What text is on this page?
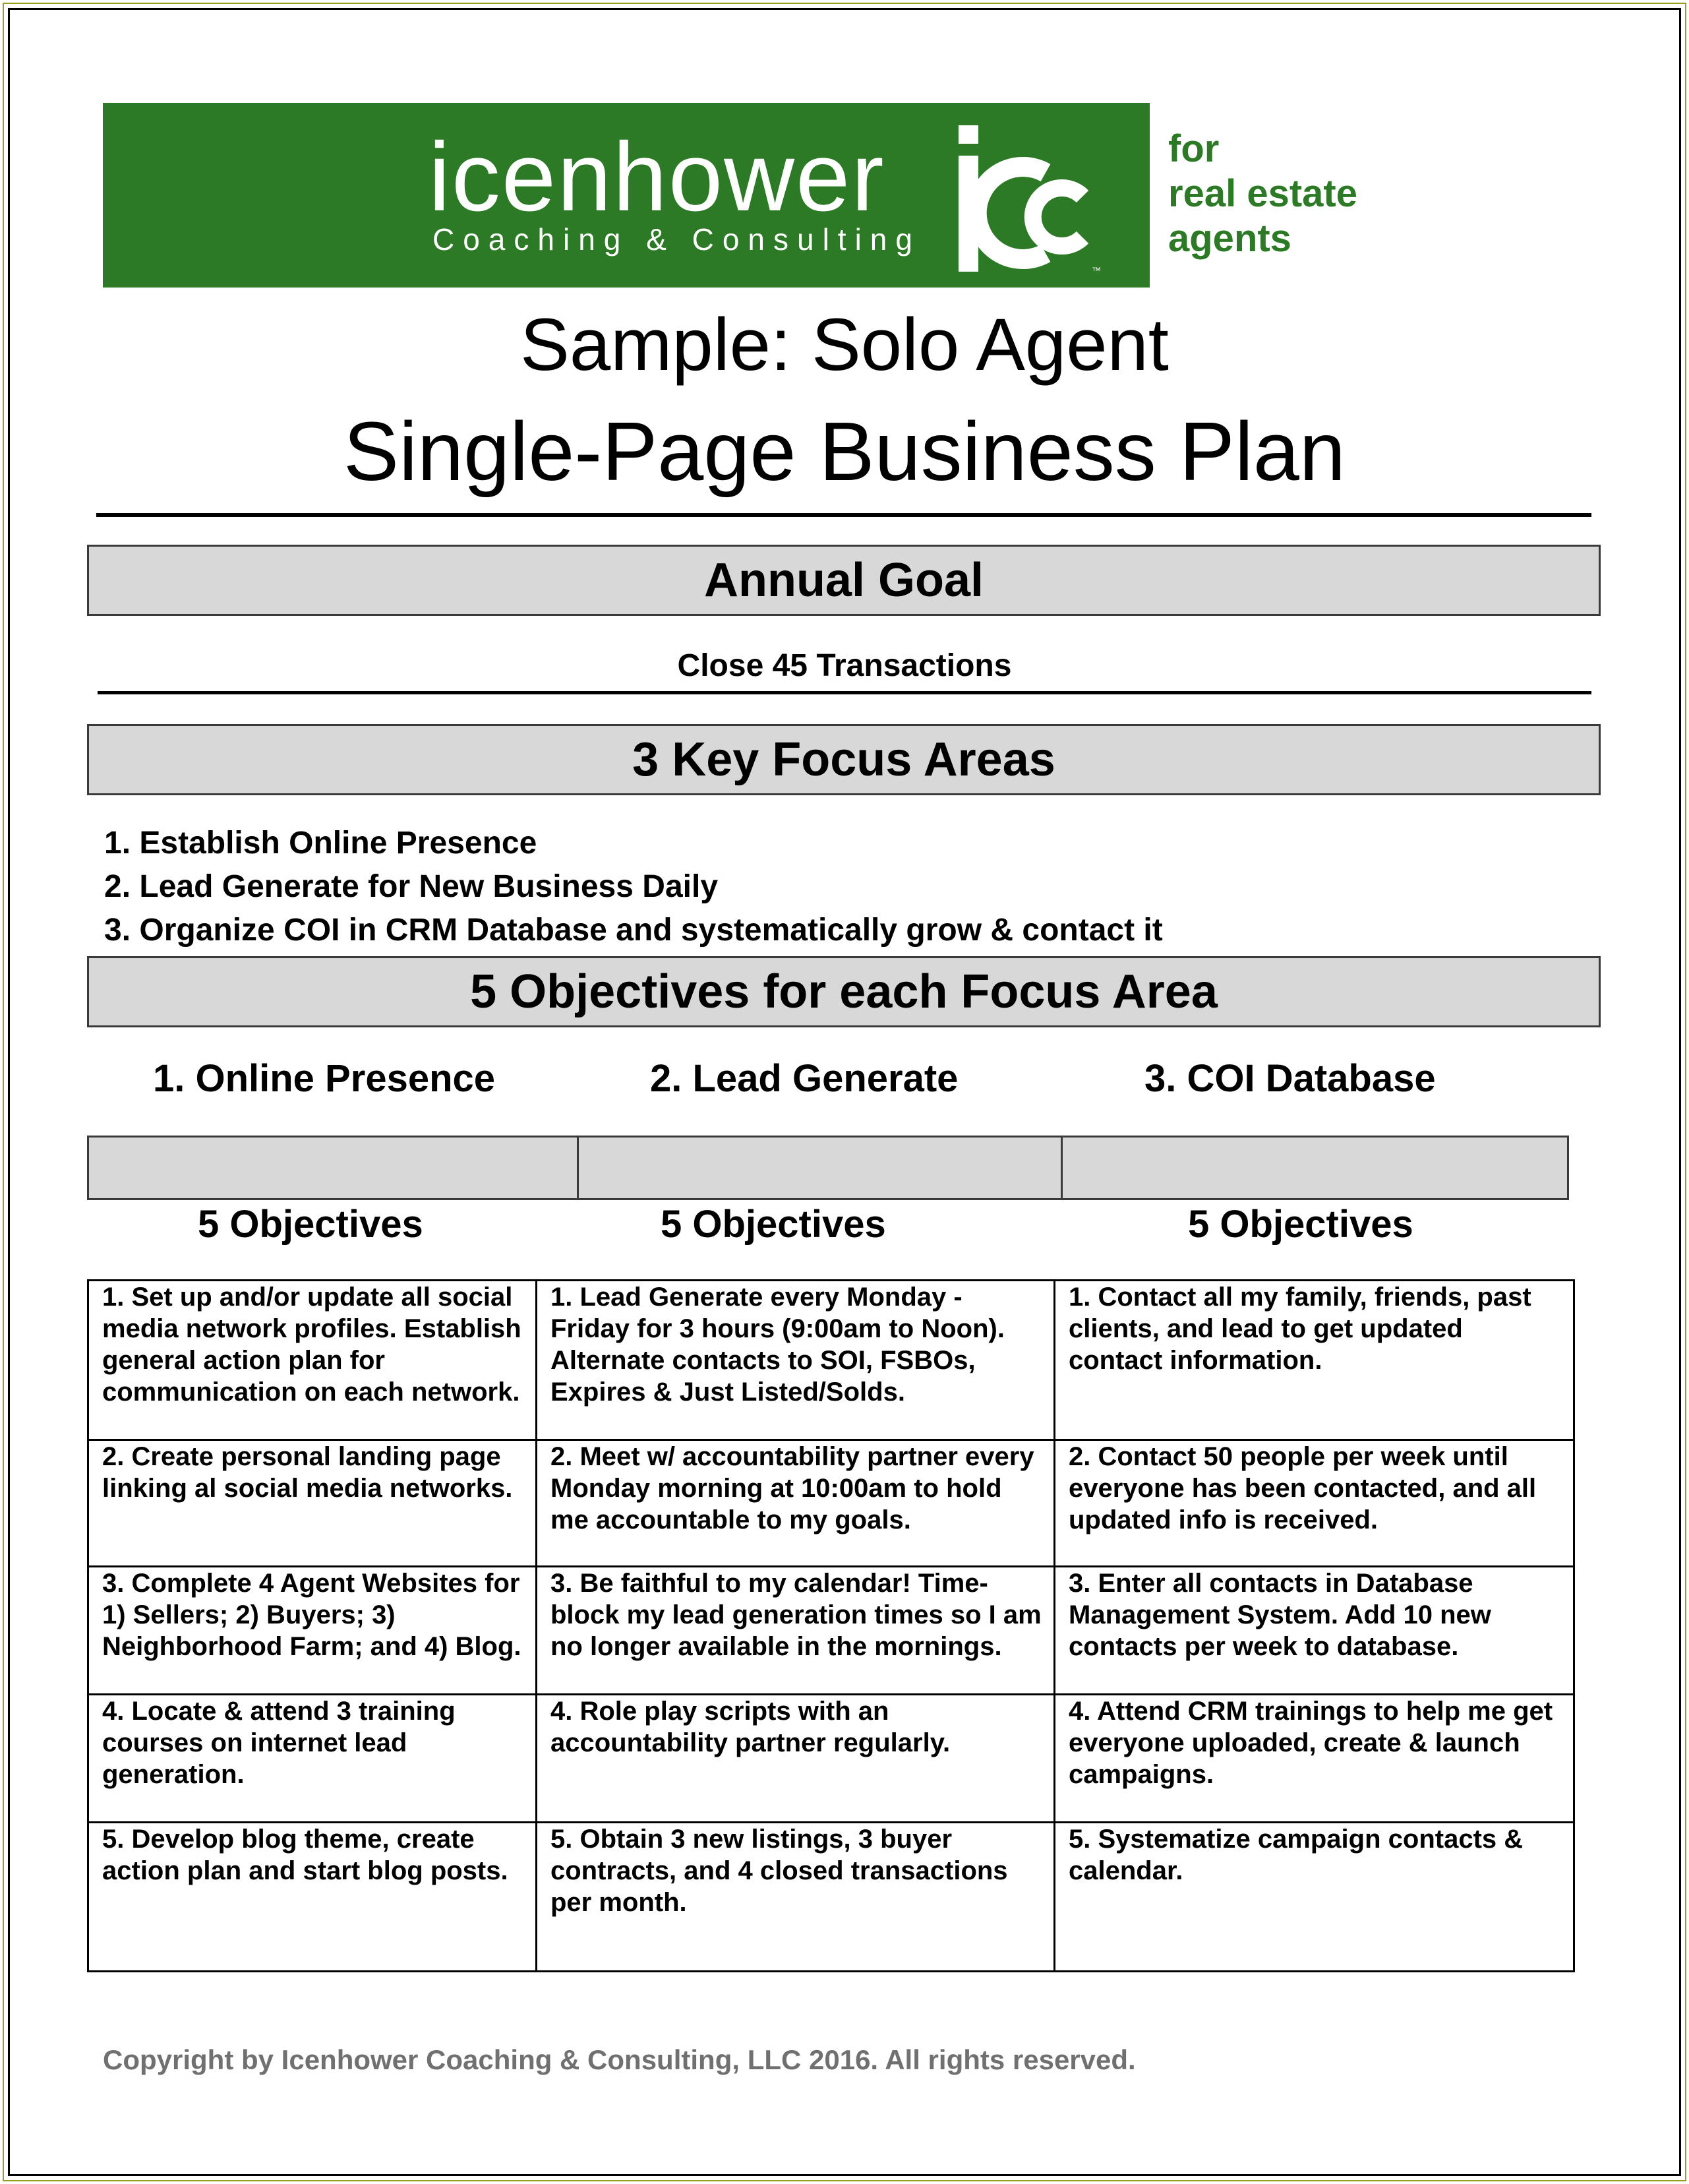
icenhower
Coaching & Consulting
™
for
real estate
agents
Sample: Solo Agent
Single-Page Business Plan
Annual Goal
Close 45 Transactions
3 Key Focus Areas
1. Establish Online Presence
2. Lead Generate for New Business Daily
3. Organize COI in CRM Database and systematically grow & contact it
5 Objectives for each Focus Area
1. Online Presence	2. Lead Generate	3. COI Database
5 Objectives	5 Objectives	5 Objectives
1. Set up and/or update all social media network profiles. Establish general action plan for communication on each network.	1. Lead Generate every Monday - Friday for 3 hours (9:00am to Noon). Alternate contacts to SOI, FSBOs, Expires & Just Listed/Solds.	1. Contact all my family, friends, past clients, and lead to get updated contact information.
2. Create personal landing page linking al social media networks.	2. Meet w/ accountability partner every Monday morning at 10:00am to hold me accountable to my goals.	2. Contact 50 people per week until everyone has been contacted, and all updated info is received.
3. Complete 4 Agent Websites for 1) Sellers; 2) Buyers; 3) Neighborhood Farm; and 4) Blog.	3. Be faithful to my calendar! Time-block my lead generation times so I am no longer available in the mornings.	3. Enter all contacts in Database Management System. Add 10 new contacts per week to database.
4. Locate & attend 3 training courses on internet lead generation.	4. Role play scripts with an accountability partner regularly.	4. Attend CRM trainings to help me get everyone uploaded, create & launch campaigns.
5. Develop blog theme, create action plan and start blog posts.	5. Obtain 3 new listings, 3 buyer contracts, and 4 closed transactions per month.	5. Systematize campaign contacts & calendar.
Copyright by Icenhower Coaching & Consulting, LLC 2016. All rights reserved.
